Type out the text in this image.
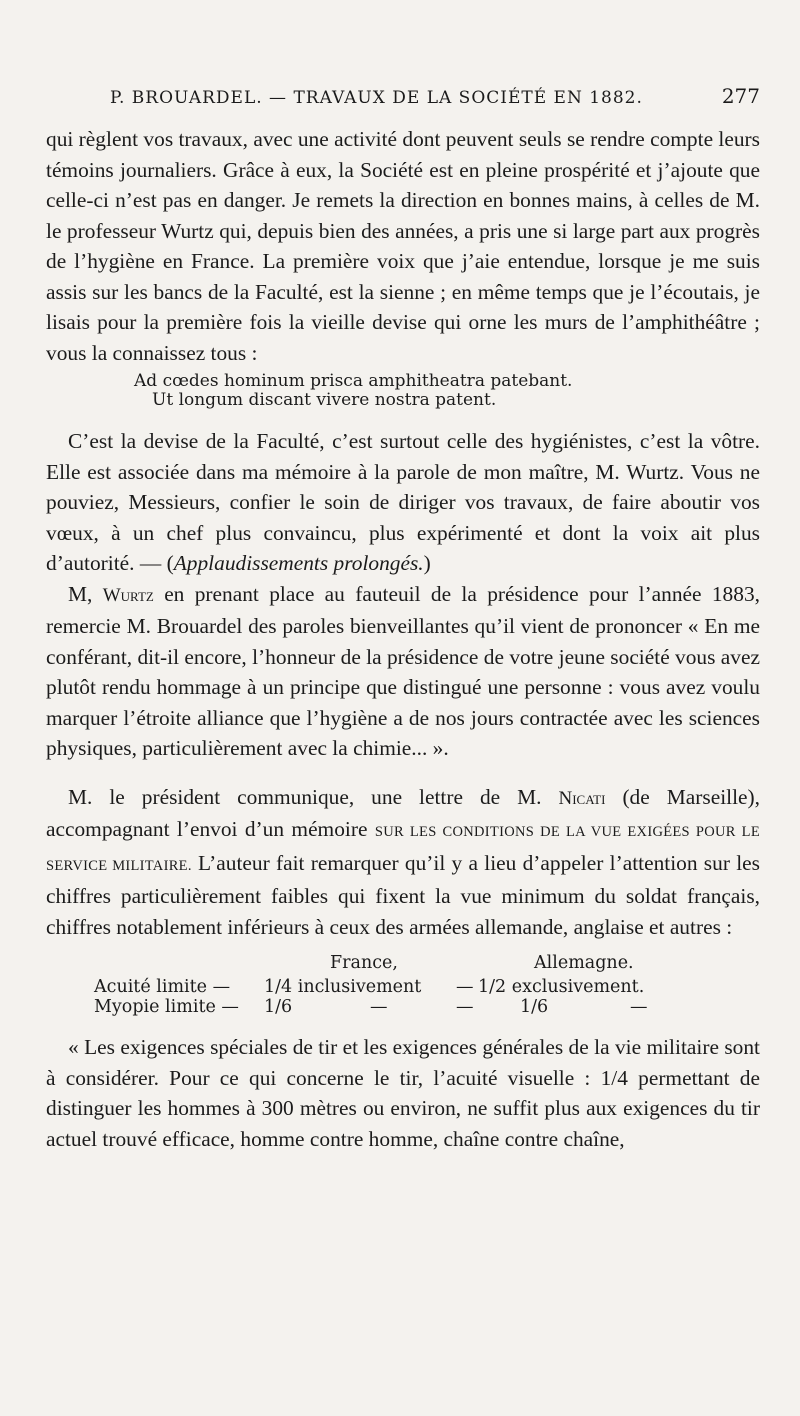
P. BROUARDEL. — TRAVAUX DE LA SOCIÉTÉ EN 1882.	277

qui règlent vos travaux, avec une activité dont peuvent seuls se rendre compte leurs témoins journaliers. Grâce à eux, la Société est en pleine prospérité et j’ajoute que celle-ci n’est pas en danger. Je remets la direction en bonnes mains, à celles de M. le professeur Wurtz qui, depuis bien des années, a pris une si large part aux progrès de l’hygiène en France. La première voix que j’aie entendue, lorsque je me suis assis sur les bancs de la Faculté, est la sienne ; en même temps que je l’écoutais, je lisais pour la première fois la vieille devise qui orne les murs de l’amphithéâtre ; vous la connaissez tous :

Ad cœdes hominum prisca amphitheatra patebant.
Ut longum discant vivere nostra patent.

C’est la devise de la Faculté, c’est surtout celle des hygiénistes, c’est la vôtre. Elle est associée dans ma mémoire à la parole de mon maître, M. Wurtz. Vous ne pouviez, Messieurs, confier le soin de diriger vos travaux, de faire aboutir vos vœux, à un chef plus convaincu, plus expérimenté et dont la voix ait plus d’autorité. — (Applaudissements prolongés.)

M, Wurtz en prenant place au fauteuil de la présidence pour l’année 1883, remercie M. Brouardel des paroles bienveillantes qu’il vient de prononcer « En me conférant, dit-il encore, l’honneur de la présidence de votre jeune société vous avez plutôt rendu hommage à un principe que distingué une personne : vous avez voulu marquer l’étroite alliance que l’hygiène a de nos jours contractée avec les sciences physiques, particulièrement avec la chimie... ».

M. le président communique, une lettre de M. Nicati (de Marseille), accompagnant l’envoi d’un mémoire SUR LES CONDITIONS DE LA VUE EXIGÉES POUR LE SERVICE MILITAIRE. L’auteur fait remarquer qu’il y a lieu d’appeler l’attention sur les chiffres particulièrement faibles qui fixent la vue minimum du soldat français, chiffres notablement inférieurs à ceux des armées allemande, anglaise et autres :

France,	Allemagne.
Acuité limite — 1/4 inclusivement — 1/2 exclusivement.
Myopie limite — 1/6	—	—	1/6	—

« Les exigences spéciales de tir et les exigences générales de la vie militaire sont à considérer. Pour ce qui concerne le tir, l’acuité visuelle : 1/4 permettant de distinguer les hommes à 300 mètres ou environ, ne suffit plus aux exigences du tir actuel trouvé efficace, homme contre homme, chaîne contre chaîne,
